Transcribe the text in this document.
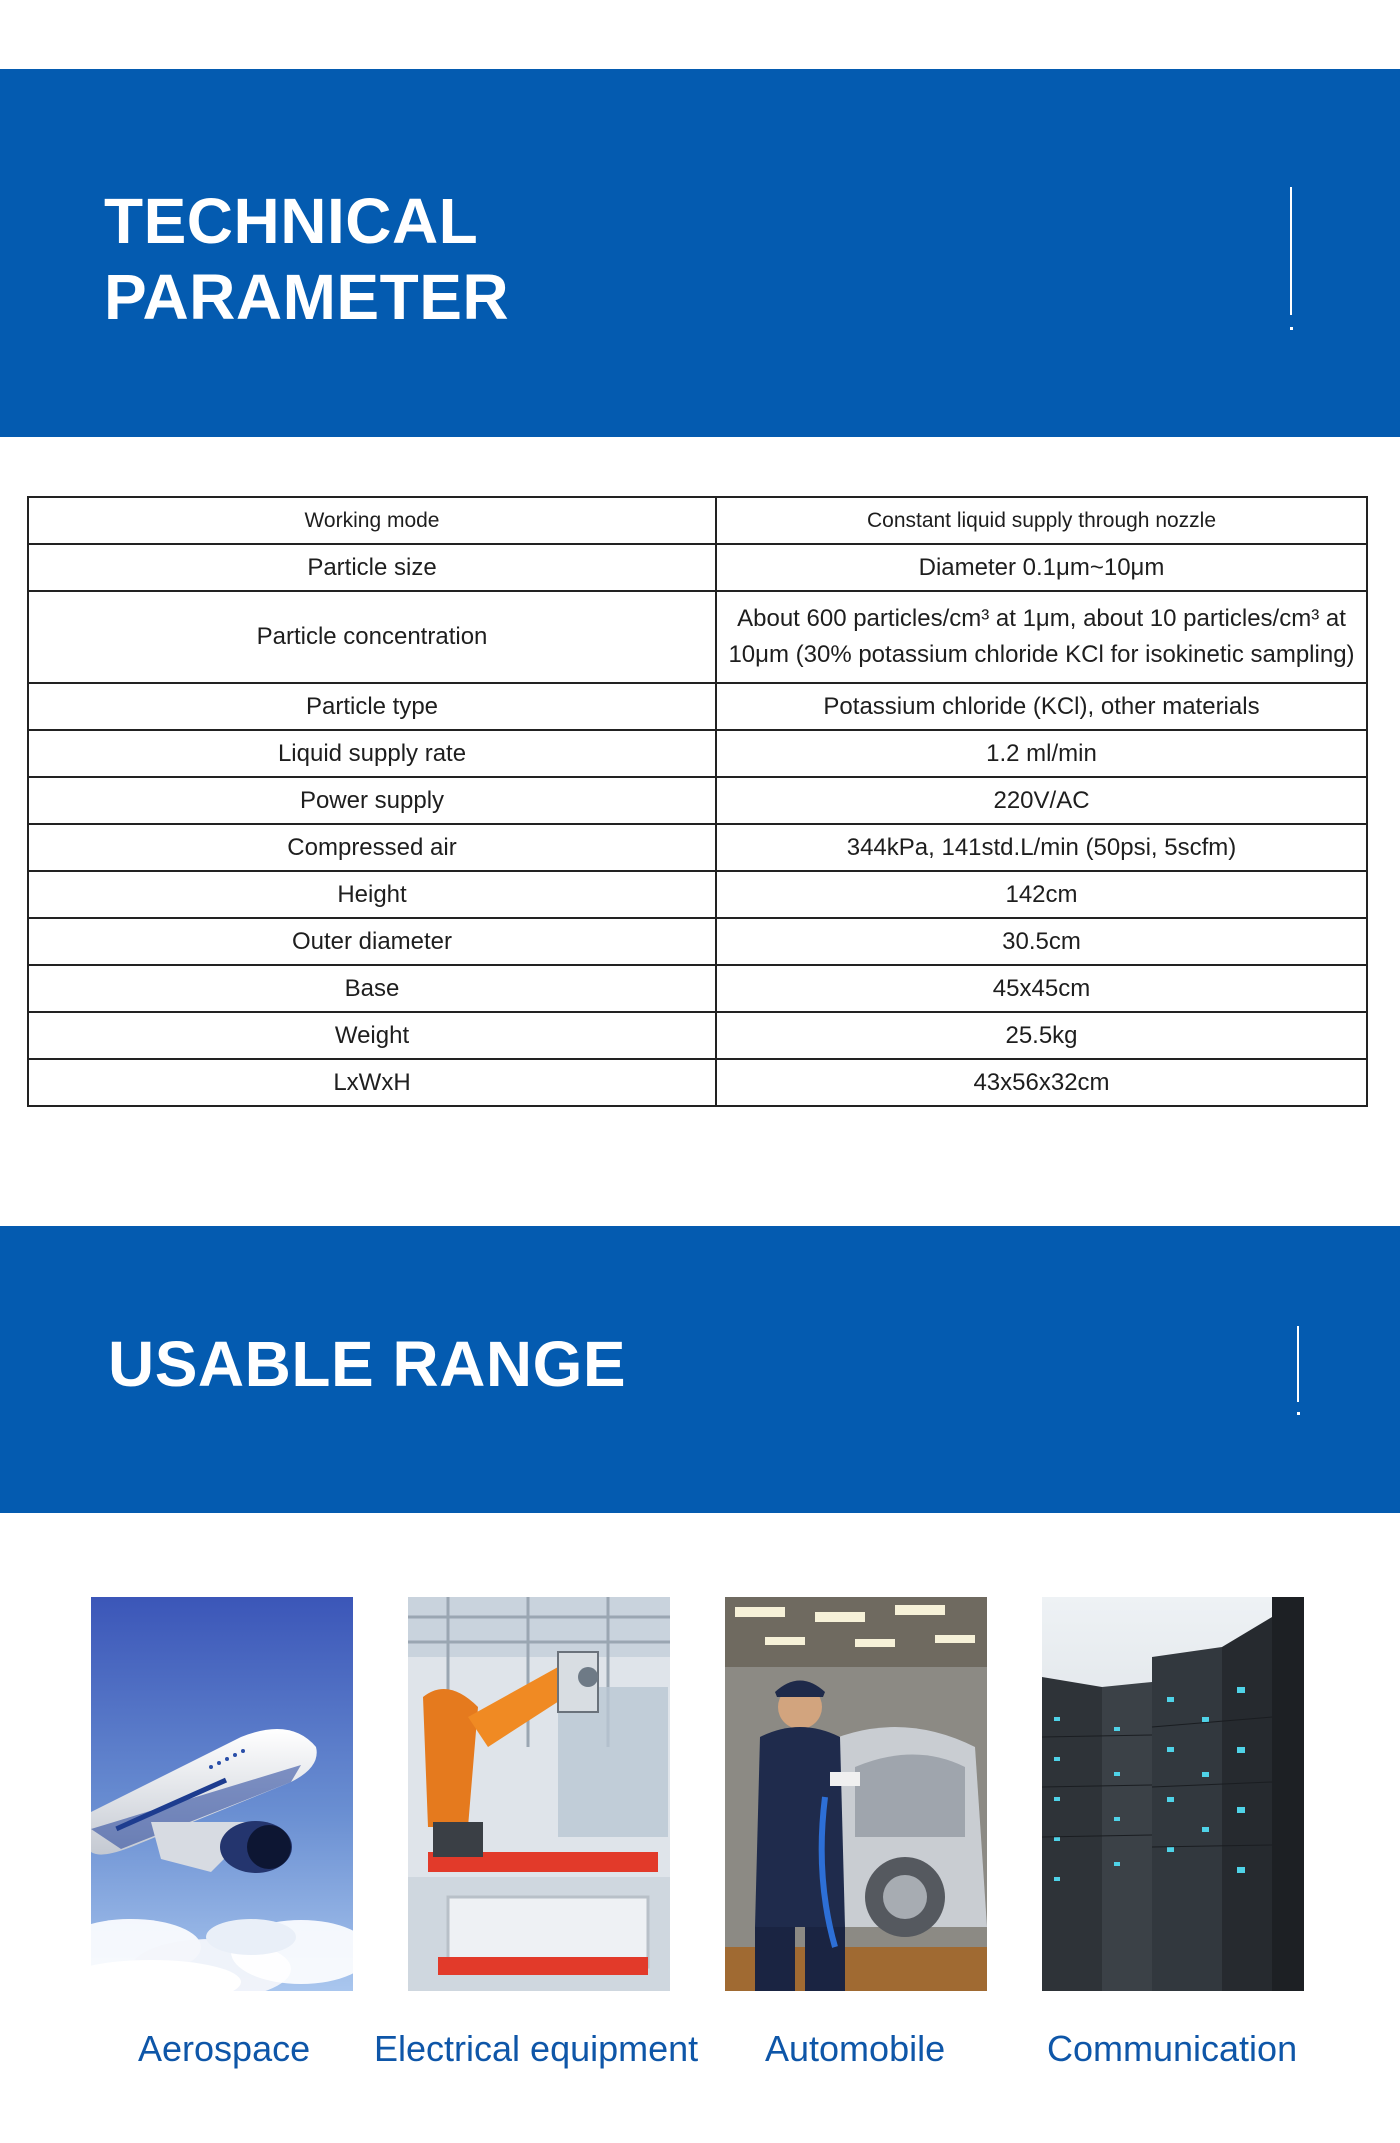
TECHNICAL
PARAMETER
Working mode	Constant liquid supply through nozzle
Particle size	Diameter 0.1μm~10μm
Particle concentration	About 600 particles/cm³ at 1μm, about 10 particles/cm³ at 10μm (30% potassium chloride KCl for isokinetic sampling)
Particle type	Potassium chloride (KCl), other materials
Liquid supply rate	1.2 ml/min
Power supply	220V/AC
Compressed air	344kPa, 141std.L/min (50psi, 5scfm)
Height	142cm
Outer diameter	30.5cm
Base	45x45cm
Weight	25.5kg
LxWxH	43x56x32cm
USABLE RANGE
Aerospace Electrical equipment Automobile	Communication
